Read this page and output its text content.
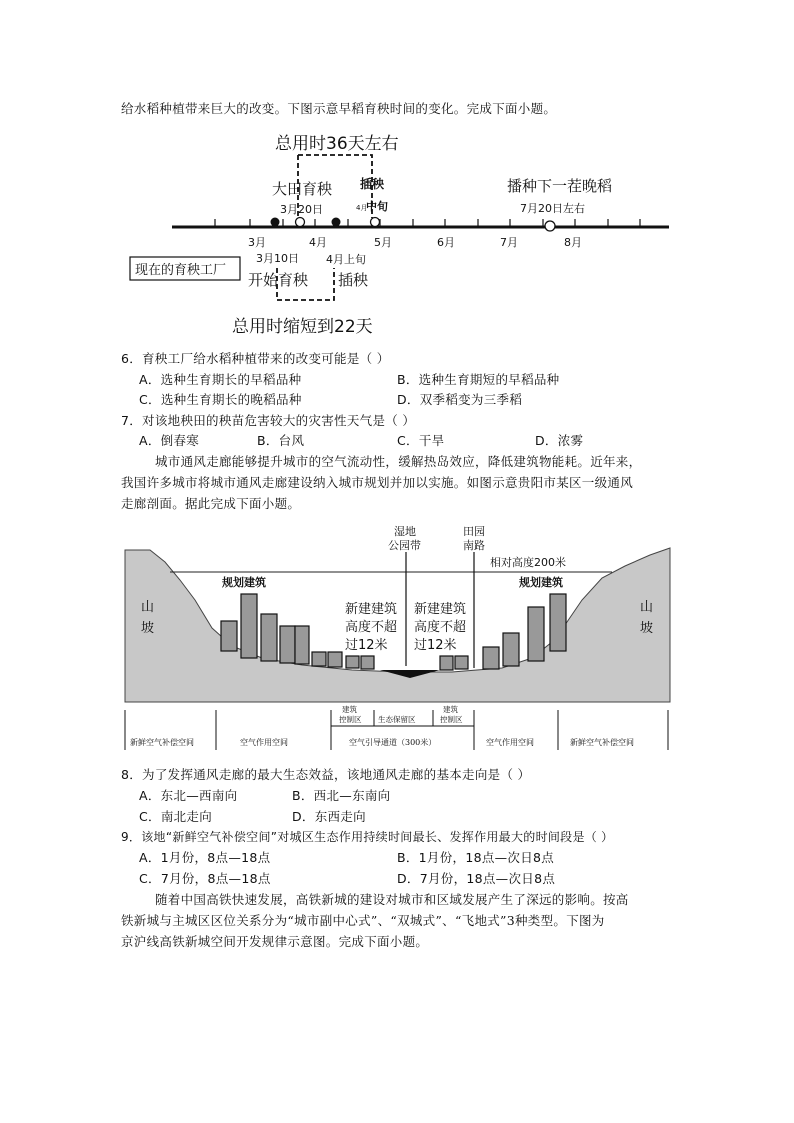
给水稻种植带来巨大的改变。下图示意早稻育秧时间的变化。完成下面小题。
总用时36天左右
大田育秧 插秧
4月
中旬
播种下一茬晚稻
3月20日	7月20日左右
3月	4月	5月	6月	7月	8月
现在的育秧工厂
3月10日 4月上旬
开始育秧 插秧
总用时缩短到22天
6．育秧工厂给水稻种植带来的改变可能是（ ）
A．选种生育期长的早稻品种	B．选种生育期短的早稻品种
C．选种生育期长的晚稻品种	D．双季稻变为三季稻
7．对该地秧田的秧苗危害较大的灾害性天气是（ ）
A．倒春寒	B．台风	C．干旱	D．浓雾
城市通风走廊能够提升城市的空气流动性，缓解热岛效应，降低建筑物能耗。近年来，
我国许多城市将城市通风走廊建设纳入城市规划并加以实施。如图示意贵阳市某区一级通风
走廊剖面。据此完成下面小题。
湿地
公园带
田园
南路
相对高度200米
规划建筑	规划建筑
山
坡
山
坡
新建建筑
高度不超
过12米
新建建筑
高度不超
过12米
建筑
控制区 生态保留区
建筑
控制区
新鲜空气补偿空间	空气作用空间	空气引导通道（300米）	空气作用空间	新鲜空气补偿空间
8．为了发挥通风走廊的最大生态效益，该地通风走廊的基本走向是（ ）
A．东北—西南向	B．西北—东南向
C．南北走向	D．东西走向
9．该地“新鲜空气补偿空间”对城区生态作用持续时间最长、发挥作用最大的时间段是（ ）
A．1月份，8点—18点	B．1月份，18点—次日8点
C．7月份，8点—18点	D．7月份，18点—次日8点
随着中国高铁快速发展，高铁新城的建设对城市和区域发展产生了深远的影响。按高
铁新城与主城区区位关系分为“城市副中心式”、“双城式”、“飞地式”3种类型。下图为
京沪线高铁新城空间开发规律示意图。完成下面小题。
